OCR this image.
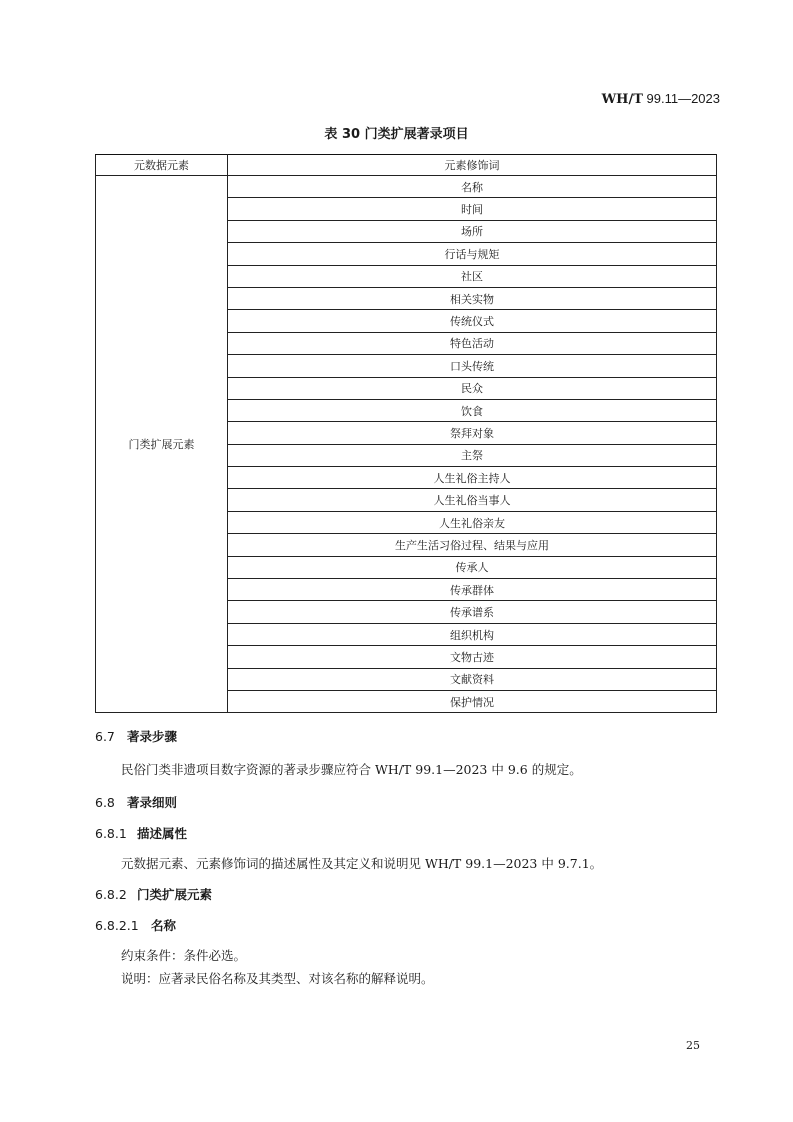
WH/T 99.11—2023
表 30 门类扩展著录项目
元数据元素	元素修饰词
门类扩展元素	名称
	时间
	场所
	行话与规矩
	社区
	相关实物
	传统仪式
	特色活动
	口头传统
	民众
	饮食
	祭拜对象
	主祭
	人生礼俗主持人
	人生礼俗当事人
	人生礼俗亲友
	生产生活习俗过程、结果与应用
	传承人
	传承群体
	传承谱系
	组织机构
	文物古迹
	文献资料
	保护情况
6.7 著录步骤
民俗门类非遗项目数字资源的著录步骤应符合 WH/T 99.1—2023 中 9.6 的规定。
6.8 著录细则
6.8.1 描述属性
元数据元素、元素修饰词的描述属性及其定义和说明见 WH/T 99.1—2023 中 9.7.1。
6.8.2 门类扩展元素
6.8.2.1 名称
约束条件：条件必选。
说明：应著录民俗名称及其类型、对该名称的解释说明。
25
